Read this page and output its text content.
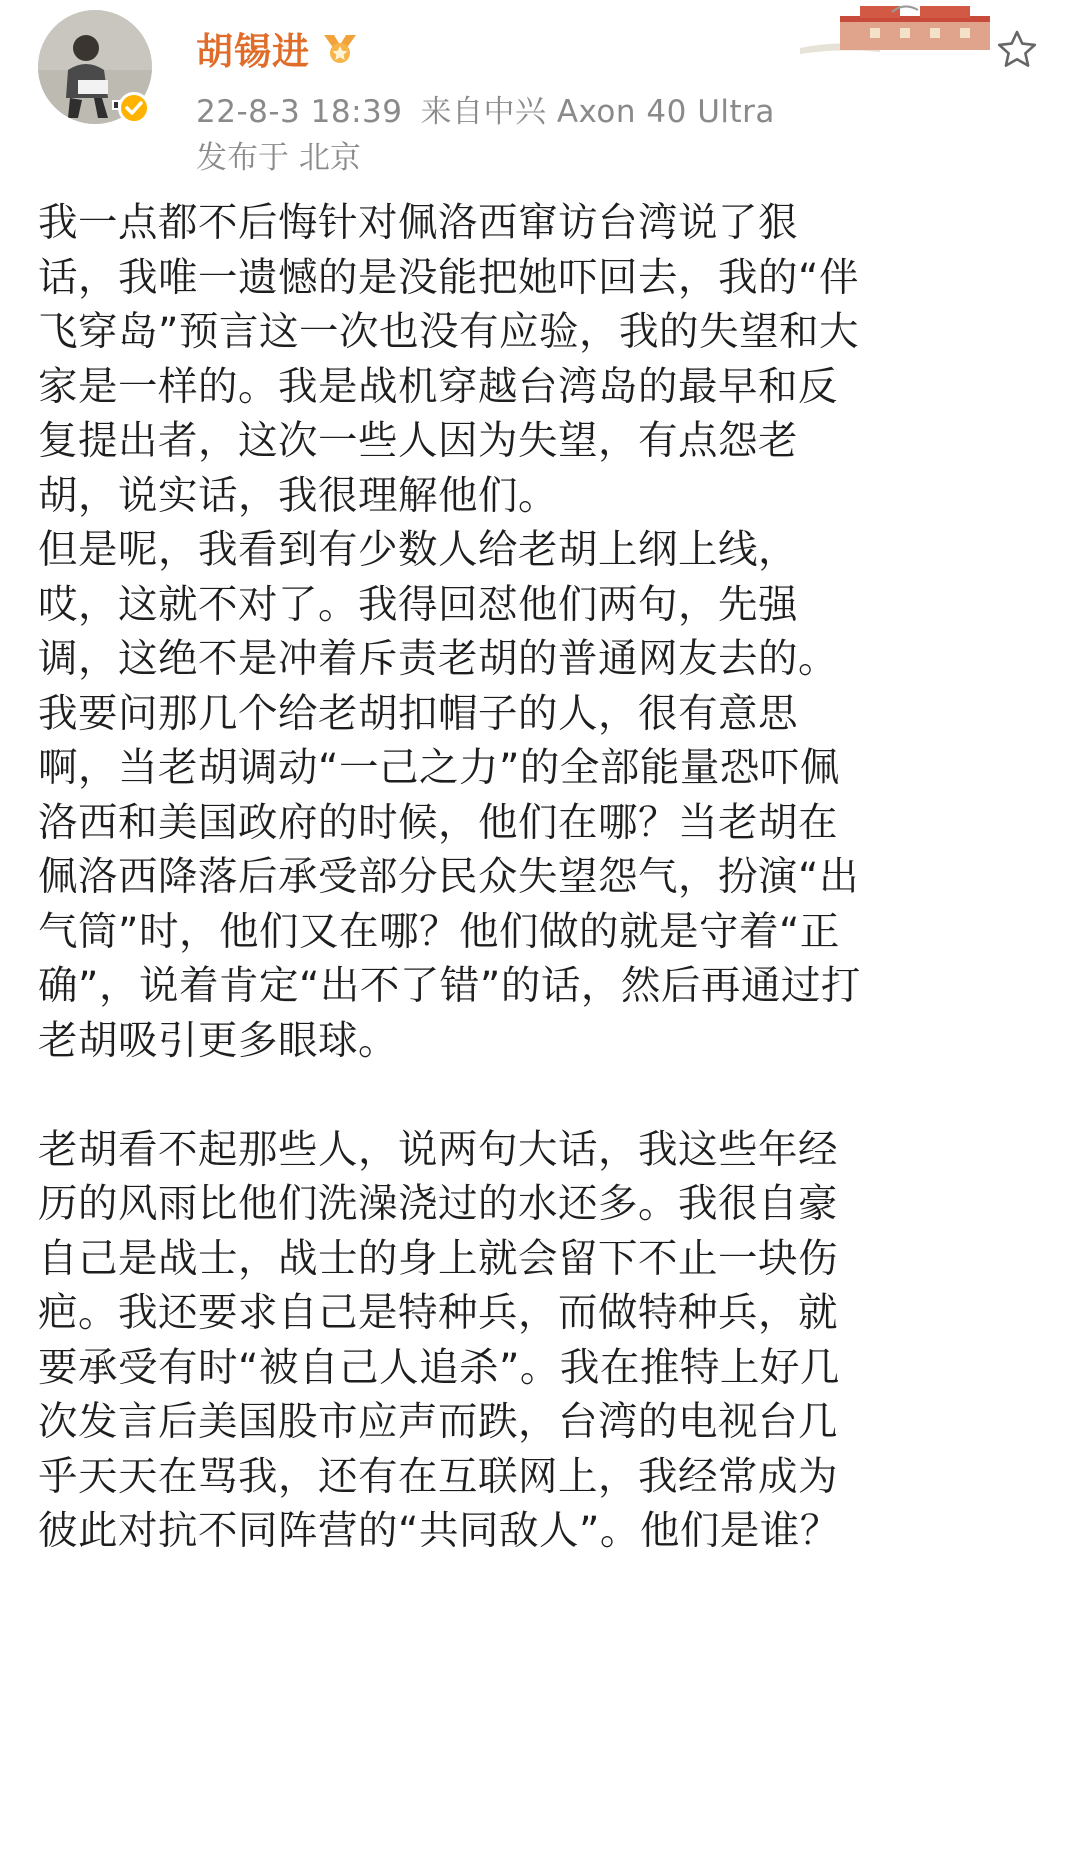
胡锡进
22-8-3 18:39 来自中兴 Axon 40 Ultra
发布于 北京
我一点都不后悔针对佩洛西窜访台湾说了狠
话，我唯一遗憾的是没能把她吓回去，我的“伴
飞穿岛”预言这一次也没有应验，我的失望和大
家是一样的。我是战机穿越台湾岛的最早和反
复提出者，这次一些人因为失望，有点怨老
胡，说实话，我很理解他们。
但是呢，我看到有少数人给老胡上纲上线，
哎，这就不对了。我得回怼他们两句，先强
调，这绝不是冲着斥责老胡的普通网友去的。
我要问那几个给老胡扣帽子的人，很有意思
啊，当老胡调动“一己之力”的全部能量恐吓佩
洛西和美国政府的时候，他们在哪？当老胡在
佩洛西降落后承受部分民众失望怨气，扮演“出
气筒”时，他们又在哪？他们做的就是守着“正
确”，说着肯定“出不了错”的话，然后再通过打
老胡吸引更多眼球。
老胡看不起那些人，说两句大话，我这些年经
历的风雨比他们洗澡浇过的水还多。我很自豪
自己是战士，战士的身上就会留下不止一块伤
疤。我还要求自己是特种兵，而做特种兵，就
要承受有时“被自己人追杀”。我在推特上好几
次发言后美国股市应声而跌，台湾的电视台几
乎天天在骂我，还有在互联网上，我经常成为
彼此对抗不同阵营的“共同敌人”。他们是谁？
